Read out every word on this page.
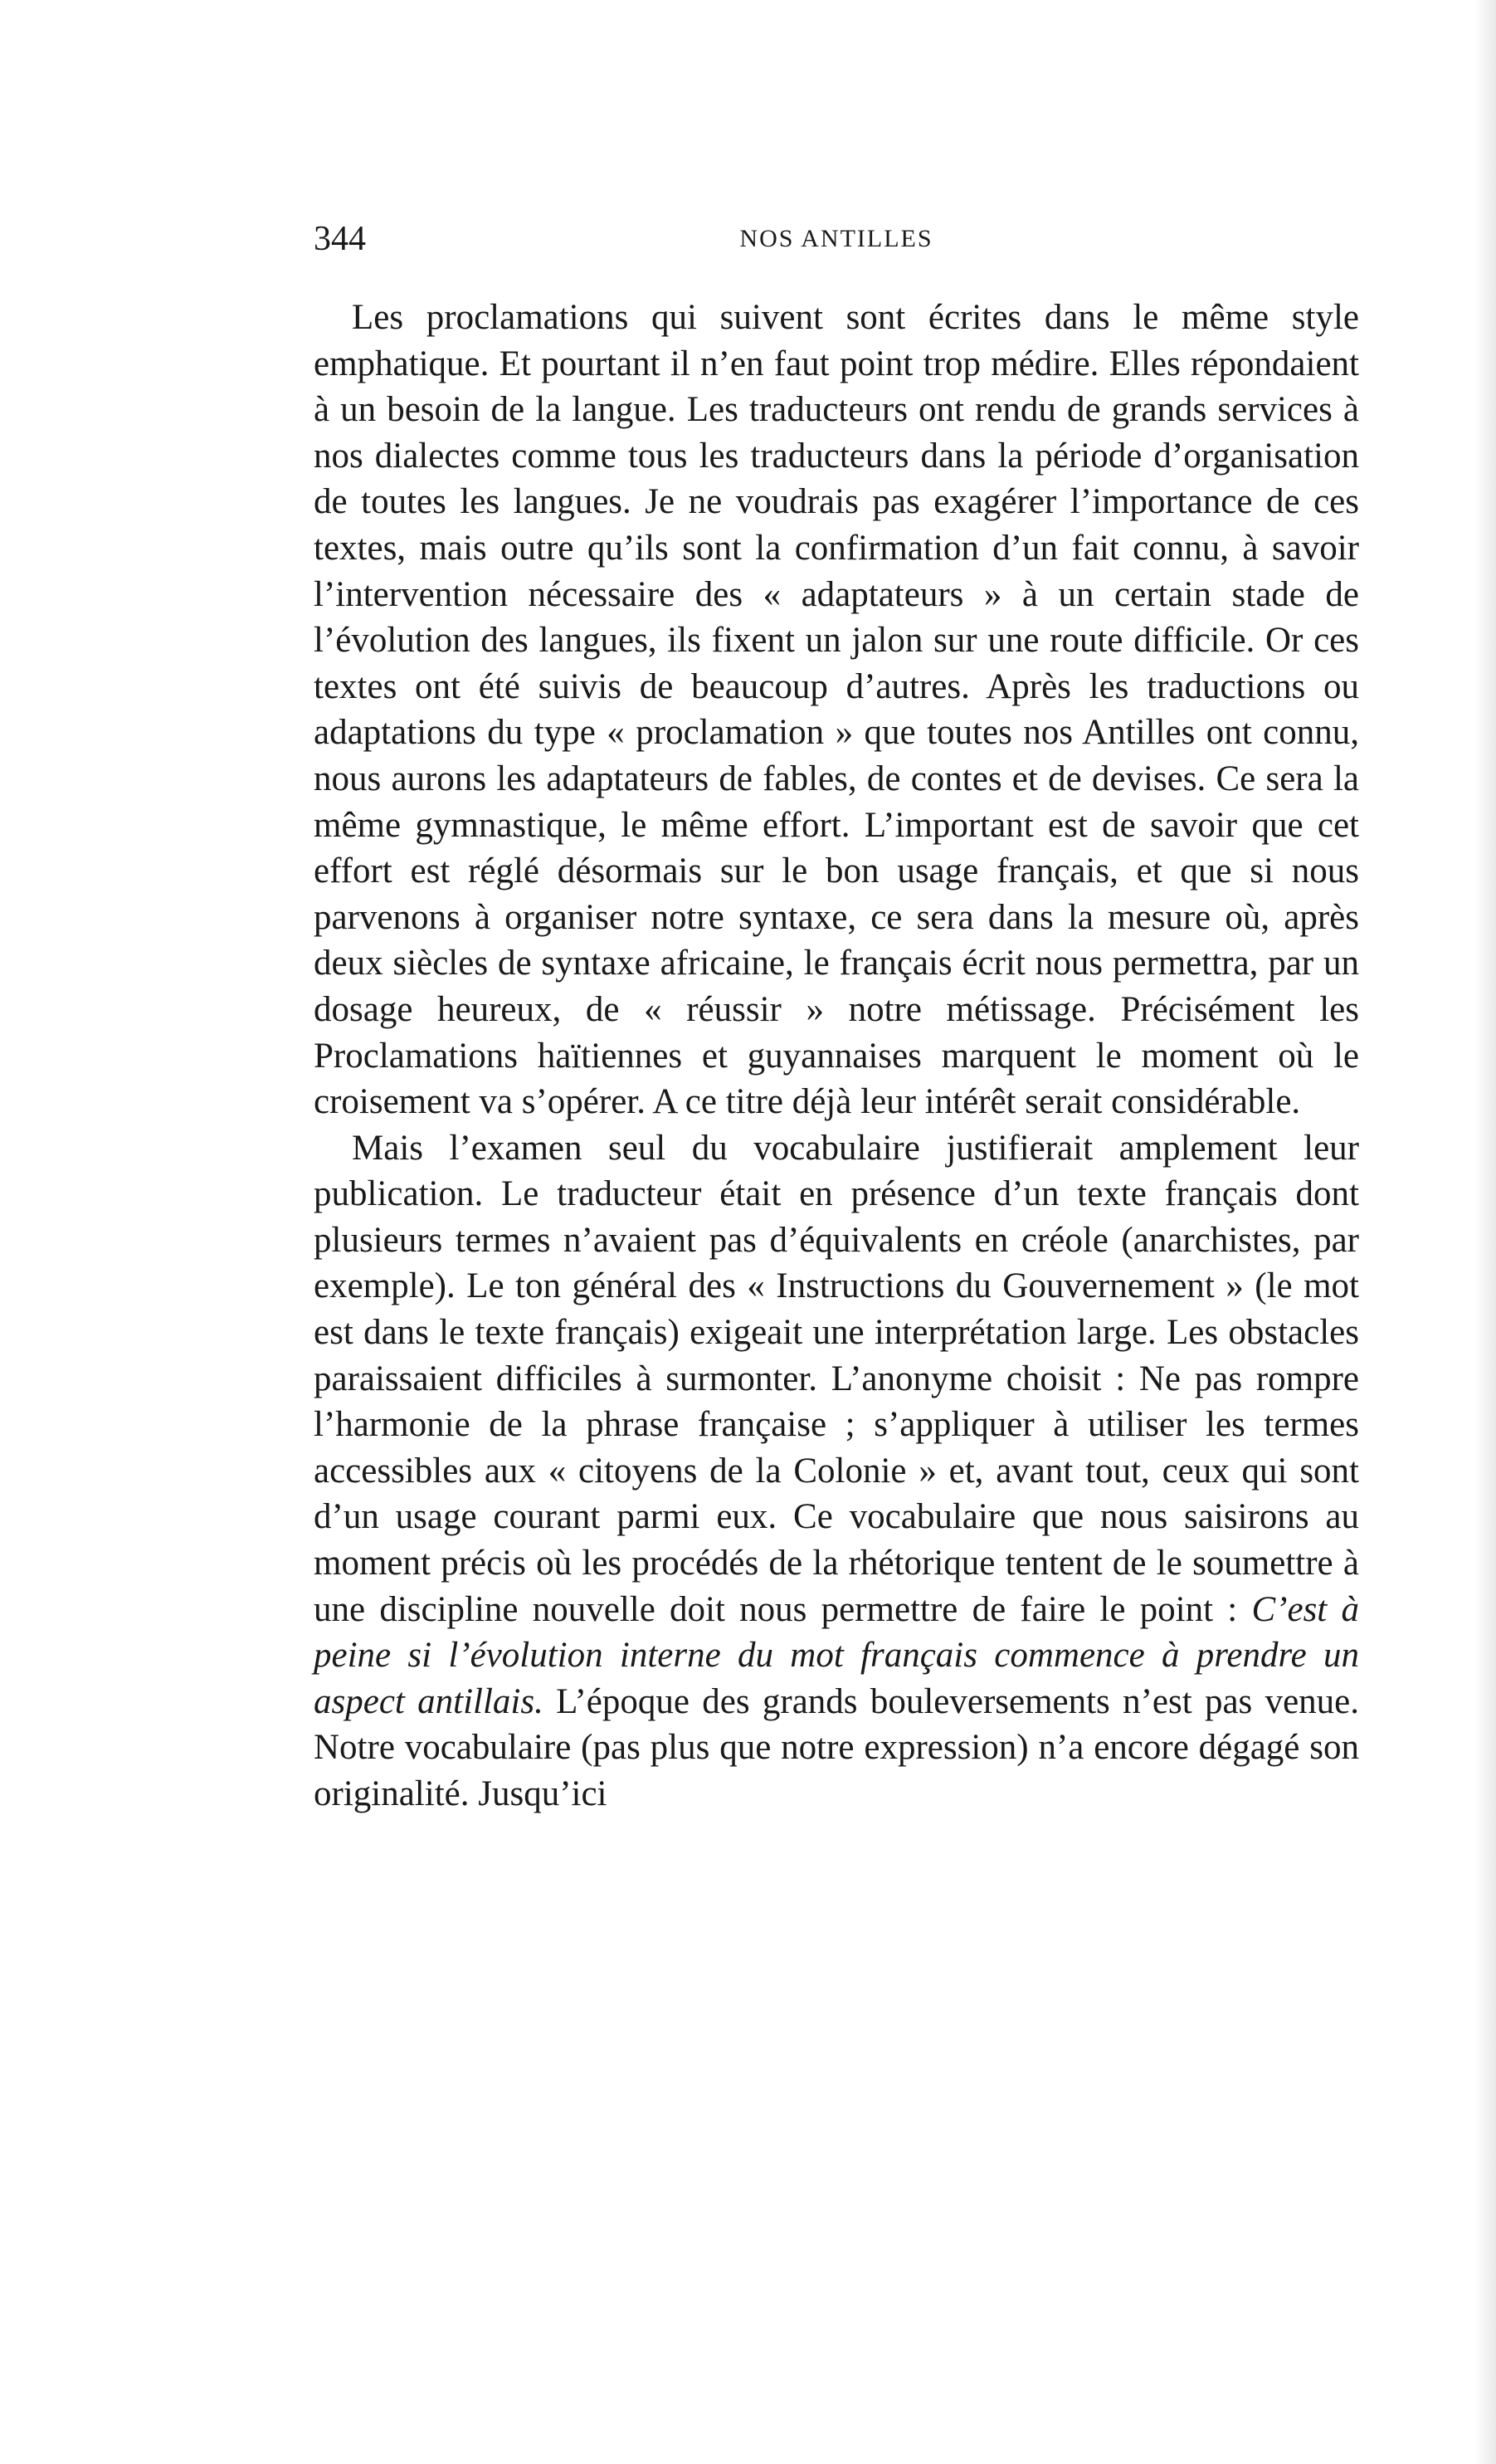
344	NOS ANTILLES

Les proclamations qui suivent sont écrites dans le même style emphatique. Et pourtant il n’en faut point trop médire. Elles répondaient à un besoin de la langue. Les traducteurs ont rendu de grands services à nos dialectes comme tous les traducteurs dans la période d’organisation de toutes les langues. Je ne voudrais pas exagérer l’importance de ces textes, mais outre qu’ils sont la confirmation d’un fait connu, à savoir l’intervention nécessaire des « adaptateurs » à un certain stade de l’évolution des langues, ils fixent un jalon sur une route difficile. Or ces textes ont été suivis de beaucoup d’autres. Après les traductions ou adaptations du type « proclamation » que toutes nos Antilles ont connu, nous aurons les adaptateurs de fables, de contes et de devises. Ce sera la même gymnastique, le même effort. L’important est de savoir que cet effort est réglé désormais sur le bon usage français, et que si nous parvenons à organiser notre syntaxe, ce sera dans la mesure où, après deux siècles de syntaxe africaine, le français écrit nous permettra, par un dosage heureux, de « réussir » notre métissage. Précisément les Proclamations haïtiennes et guyannaises marquent le moment où le croisement va s’opérer. A ce titre déjà leur intérêt serait considérable.

Mais l’examen seul du vocabulaire justifierait amplement leur publication. Le traducteur était en présence d’un texte français dont plusieurs termes n’avaient pas d’équivalents en créole (anarchistes, par exemple). Le ton général des « Instructions du Gouvernement » (le mot est dans le texte français) exigeait une interprétation large. Les obstacles paraissaient difficiles à surmonter. L’anonyme choisit : Ne pas rompre l’harmonie de la phrase française ; s’appliquer à utiliser les termes accessibles aux « citoyens de la Colonie » et, avant tout, ceux qui sont d’un usage courant parmi eux. Ce vocabulaire que nous saisirons au moment précis où les procédés de la rhétorique tentent de le soumettre à une discipline nouvelle doit nous permettre de faire le point : C’est à peine si l’évolution interne du mot français commence à prendre un aspect antillais. L’époque des grands bouleversements n’est pas venue. Notre vocabulaire (pas plus que notre expression) n’a encore dégagé son originalité. Jusqu’ici
